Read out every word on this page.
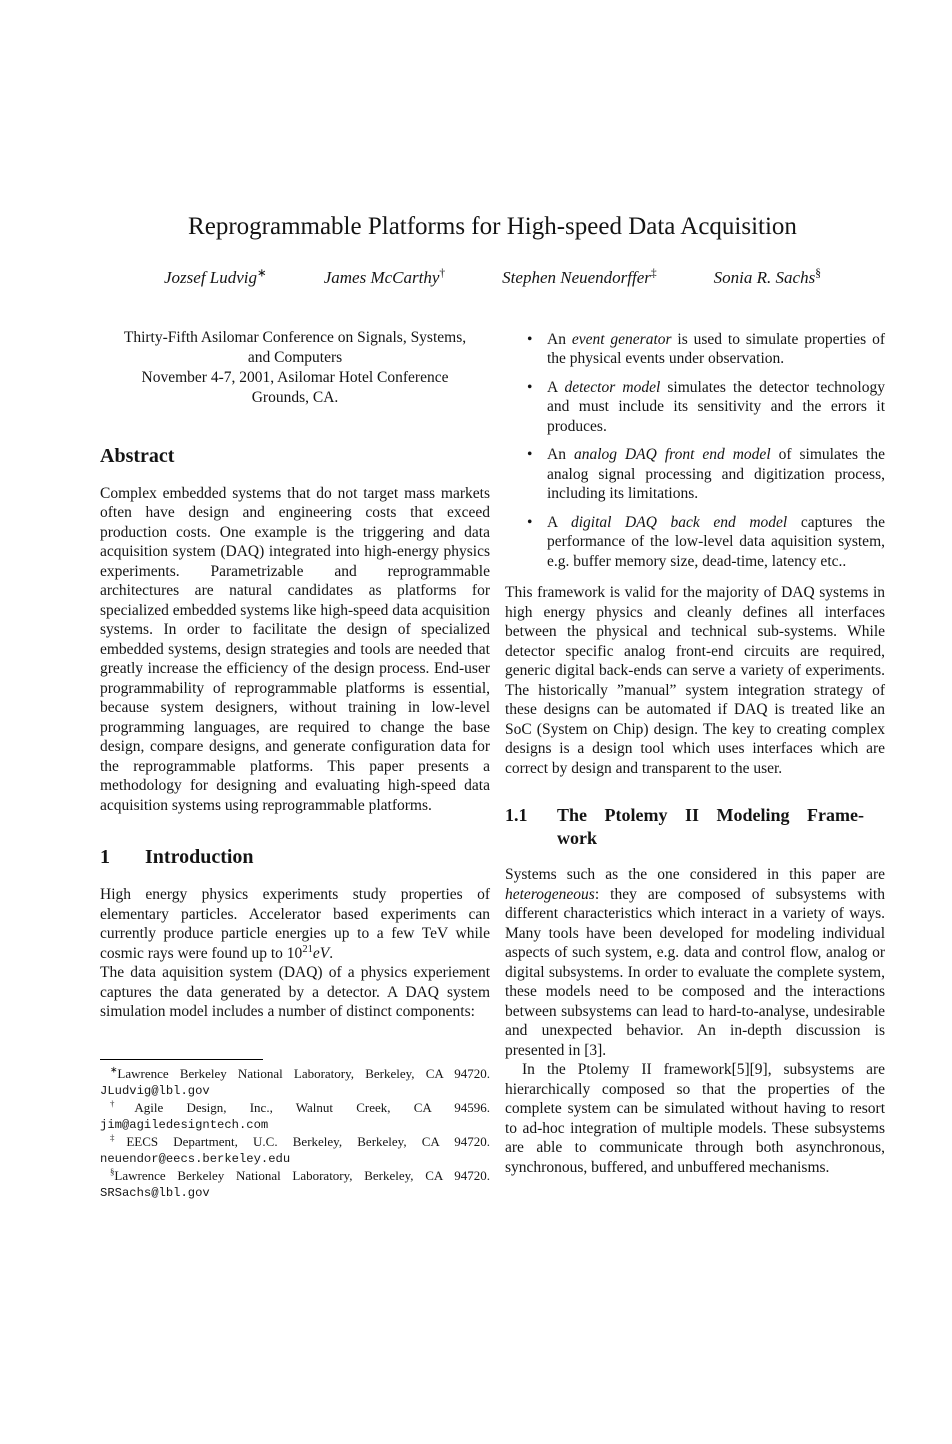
Reprogrammable Platforms for High-speed Data Acquisition
Jozsef Ludvig∗	James McCarthy†	Stephen Neuendorffer‡	Sonia R. Sachs§
Thirty-Fifth Asilomar Conference on Signals, Systems,
and Computers
November 4-7, 2001, Asilomar Hotel Conference
Grounds, CA.
Abstract

Complex embedded systems that do not target mass markets often have design and engineering costs that exceed production costs. One example is the triggering and data acquisition system (DAQ) integrated into high-energy physics experiments. Parametrizable and reprogrammable architectures are natural candidates as platforms for specialized embedded systems like high-speed data acquisition systems. In order to facilitate the design of specialized embedded systems, design strategies and tools are needed that greatly increase the efficiency of the design process. End-user programmability of reprogrammable platforms is essential, because system designers, without training in low-level programming languages, are required to change the base design, compare designs, and generate configuration data for the reprogrammable platforms. This paper presents a methodology for designing and evaluating high-speed data acquisition systems using reprogrammable platforms.

1	Introduction

High energy physics experiments study properties of elementary particles. Accelerator based experiments can currently produce particle energies up to a few TeV while cosmic rays were found up to $10^{21}eV$.

The data aquisition system (DAQ) of a physics experiement captures the data generated by a detector. A DAQ system simulation model includes a number of distinct components:

∗Lawrence Berkeley National Laboratory, Berkeley, CA 94720. JLudvig@lbl.gov

†Agile Design, Inc., Walnut Creek, CA 94596. jim@agiledesigntech.com

‡EECS Department, U.C. Berkeley, Berkeley, CA 94720. neuendor@eecs.berkeley.edu

§Lawrence Berkeley National Laboratory, Berkeley, CA 94720. SRSachs@lbl.gov

• An event generator is used to simulate properties of the physical events under observation.
• A detector model simulates the detector technology and must include its sensitivity and the errors it produces.
• An analog DAQ front end model of simulates the analog signal processing and digitization process, including its limitations.
• A digital DAQ back end model captures the performance of the low-level data aquisition system, e.g. buffer memory size, dead-time, latency etc..

This framework is valid for the majority of DAQ systems in high energy physics and cleanly defines all interfaces between the physical and technical sub-systems. While detector specific analog front-end circuits are required, generic digital back-ends can serve a variety of experiments. The historically ”manual” system integration strategy of these designs can be automated if DAQ is treated like an SoC (System on Chip) design. The key to creating complex designs is a design tool which uses interfaces which are correct by design and transparent to the user.

1.1	The Ptolemy II Modeling Frame-
work

Systems such as the one considered in this paper are heterogeneous: they are composed of subsystems with different characteristics which interact in a variety of ways. Many tools have been developed for modeling individual aspects of such system, e.g. data and control flow, analog or digital subsystems. In order to evaluate the complete system, these models need to be composed and the interactions between subsystems can lead to hard-to-analyse, undesirable and unexpected behavior. An in-depth discussion is presented in [3].

In the Ptolemy II framework[5][9], subsystems are hierarchically composed so that the properties of the complete system can be simulated without having to resort to ad-hoc integration of multiple models. These subsystems are able to communicate through both asynchronous, synchronous, buffered, and unbuffered mechanisms.
